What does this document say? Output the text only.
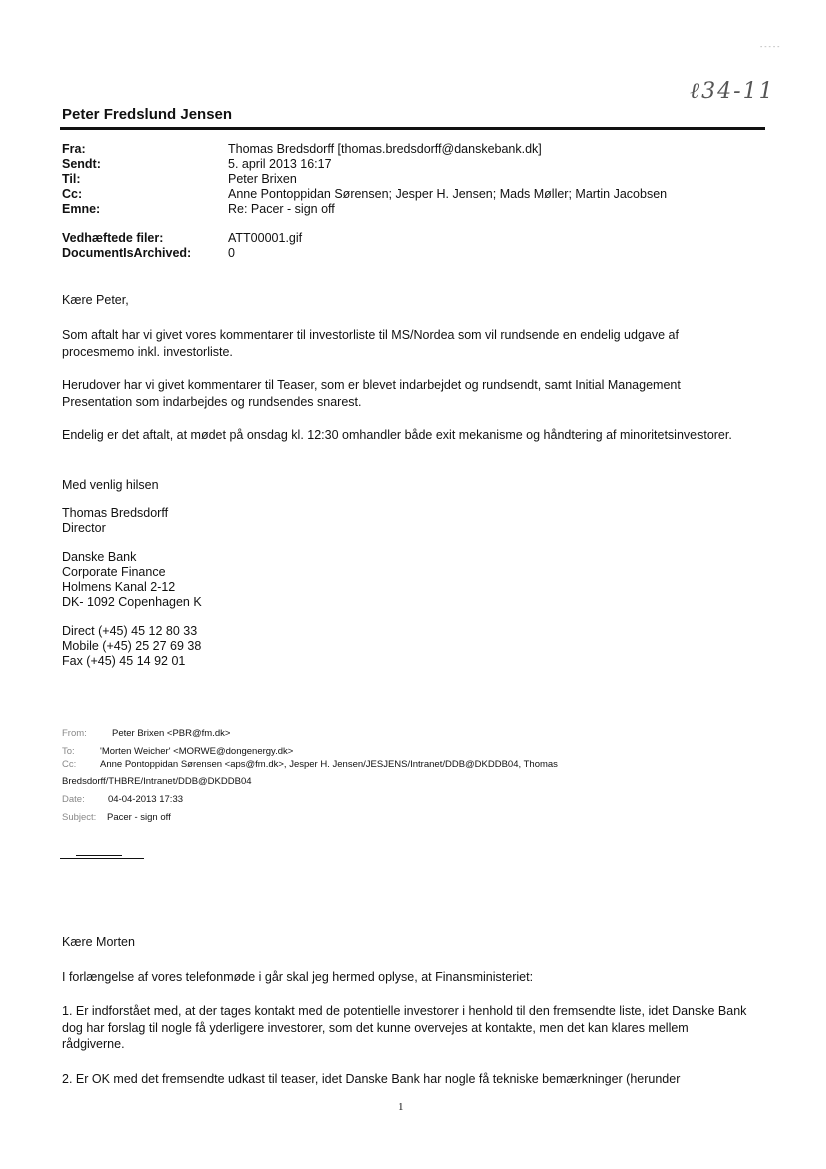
- - - - -
ℓ34-11
Peter Fredslund Jensen
Fra:	Thomas Bredsdorff [thomas.bredsdorff@danskebank.dk]
Sendt:	5. april 2013 16:17
Til:	Peter Brixen
Cc:	Anne Pontoppidan Sørensen; Jesper H. Jensen; Mads Møller; Martin Jacobsen
Emne:	Re: Pacer - sign off
Vedhæftede filer:	ATT00001.gif
DocumentIsArchived:	0
Kære Peter,
Som aftalt har vi givet vores kommentarer til investorliste til MS/Nordea som vil rundsende en endelig udgave af procesmemo inkl. investorliste.
Herudover har vi givet kommentarer til Teaser, som er blevet indarbejdet og rundsendt, samt Initial Management Presentation som indarbejdes og rundsendes snarest.
Endelig er det aftalt, at mødet på onsdag kl. 12:30 omhandler både exit mekanisme og håndtering af minoritetsinvestorer.
Med venlig hilsen

Thomas Bredsdorff

Director

Danske Bank

Corporate Finance

Holmens Kanal 2-12

DK- 1092 Copenhagen K

Direct (+45) 45 12 80 33

Mobile (+45) 25 27 69 38

Fax (+45) 45 14 92 01

From:	Peter Brixen <PBR@fm.dk>
To:	'Morten Weicher' <MORWE@dongenergy.dk>
Cc:	Anne Pontoppidan Sørensen <aps@fm.dk>, Jesper H. Jensen/JESJENS/Intranet/DDB@DKDDB04, Thomas
Bredsdorff/THBRE/Intranet/DDB@DKDDB04
Date: 04-04-2013 17:33
Subject: Pacer - sign off
Kære Morten
I forlængelse af vores telefonmøde i går skal jeg hermed oplyse, at Finansministeriet:
1. Er indforstået med, at der tages kontakt med de potentielle investorer i henhold til den fremsendte liste, idet Danske Bank dog har forslag til nogle få yderligere investorer, som det kunne overvejes at kontakte, men det kan klares mellem rådgiverne.
2. Er OK med det fremsendte udkast til teaser, idet Danske Bank har nogle få tekniske bemærkninger (herunder
1
